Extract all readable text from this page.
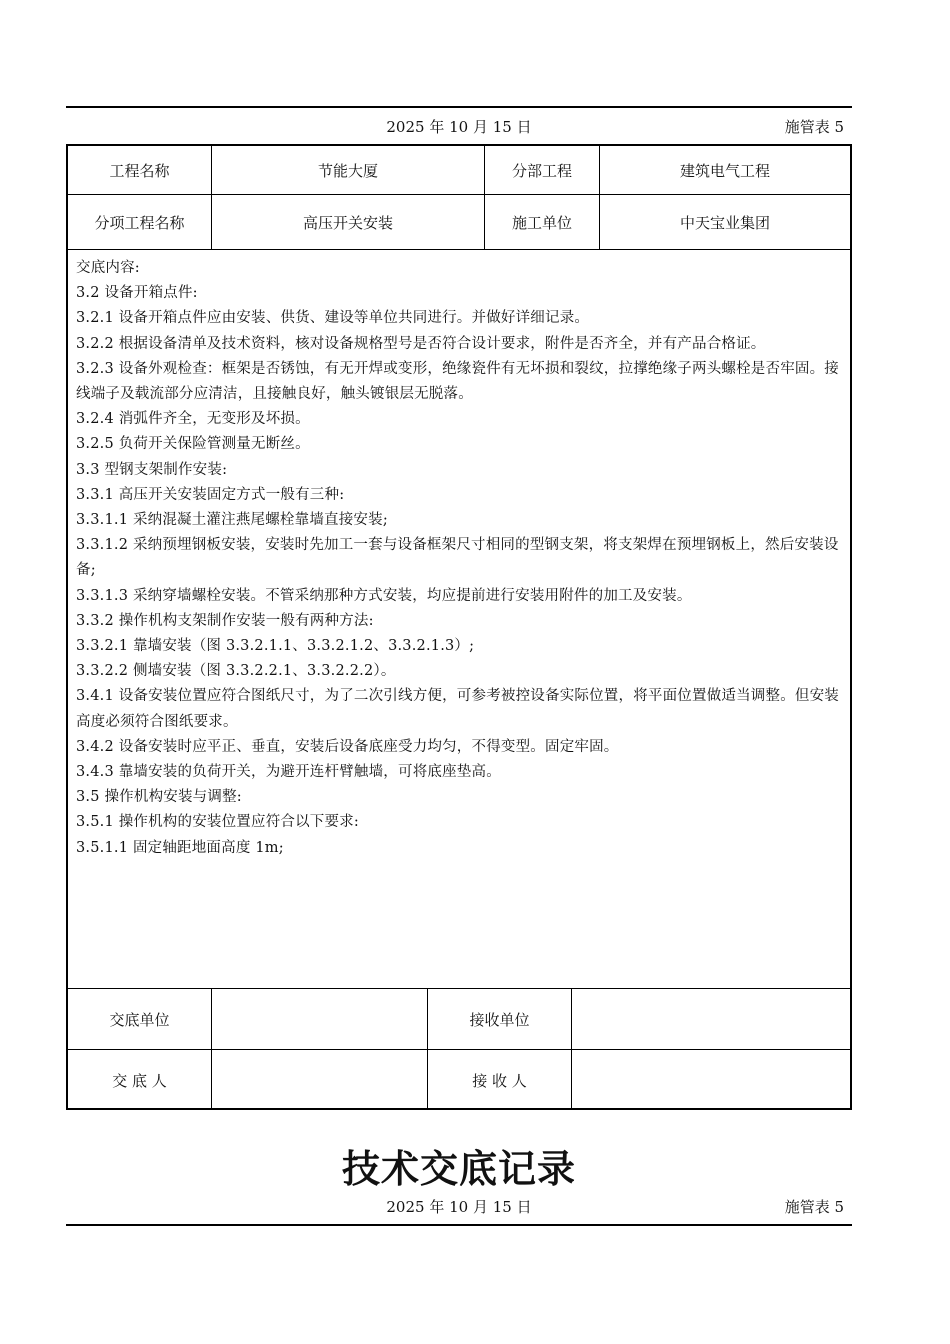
2025 年 10 月 15 日	施管表 5
工程名称	节能大厦	分部工程	建筑电气工程
分项工程名称	高压开关安装	施工单位	中天宝业集团

交底内容:

3.2 设备开箱点件:

3.2.1 设备开箱点件应由安装、供货、建设等单位共同进行。并做好详细记录。

3.2.2 根据设备清单及技术资料，核对设备规格型号是否符合设计要求，附件是否齐全，并有产品合格证。

3.2.3 设备外观检查：框架是否锈蚀，有无开焊或变形，绝缘瓷件有无坏损和裂纹，拉撑绝缘子两头螺栓是否牢固。接线端子及载流部分应清洁，且接触良好，触头镀银层无脱落。

3.2.4 消弧件齐全，无变形及坏损。

3.2.5 负荷开关保险管测量无断丝。

3.3 型钢支架制作安装:

3.3.1 高压开关安装固定方式一般有三种:

3.3.1.1 采纳混凝土灌注燕尾螺栓靠墙直接安装;

3.3.1.2 采纳预埋钢板安装，安装时先加工一套与设备框架尺寸相同的型钢支架，将支架焊在预埋钢板上，然后安装设备;

3.3.1.3 采纳穿墙螺栓安装。不管采纳那种方式安装，均应提前进行安装用附件的加工及安装。

3.3.2 操作机构支架制作安装一般有两种方法:

3.3.2.1 靠墙安装（图 3.3.2.1.1、3.3.2.1.2、3.3.2.1.3）;

3.3.2.2 侧墙安装（图 3.3.2.2.1、3.3.2.2.2）。

3.4.1 设备安装位置应符合图纸尺寸，为了二次引线方便，可参考被控设备实际位置，将平面位置做适当调整。但安装高度必须符合图纸要求。

3.4.2 设备安装时应平正、垂直，安装后设备底座受力均匀，不得变型。固定牢固。

3.4.3 靠墙安装的负荷开关，为避开连杆臂触墙，可将底座垫高。

3.5 操作机构安装与调整:

3.5.1 操作机构的安装位置应符合以下要求:

3.5.1.1 固定轴距地面高度 1m;

交底单位	接收单位
交 底 人	接 收 人
技术交底记录
2025 年 10 月 15 日	施管表 5
